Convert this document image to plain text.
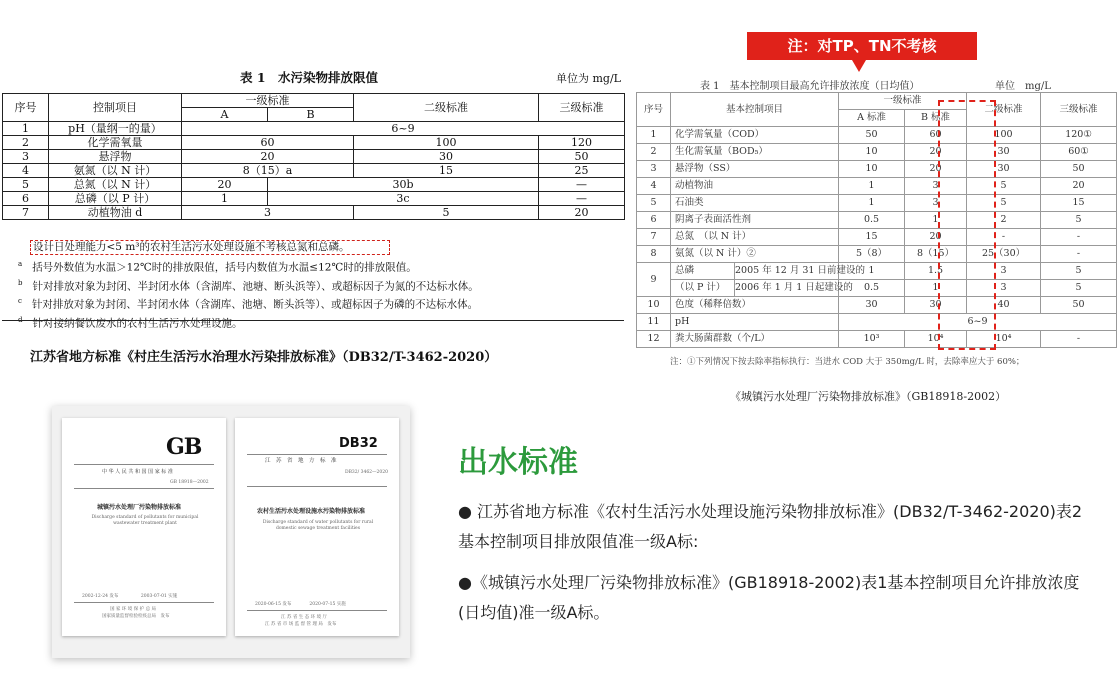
表 1　水污染物排放限值	单位为 mg/L
序号	控制项目	一级标准		二级标准	三级标准
		A	B		
1	pH（量纲一的量）	6~9			
2	化学需氧量	60		100	120
3	悬浮物	20		30	50
4	氨氮（以 N 计）	8（15）a		15	25
5	总氮（以 N 计）	20	30b		—
6	总磷（以 P 计）	1	3c		—
7	动植物油 d	3		5	20
设计日处理能力<5 m³的农村生活污水处理设施不考核总氮和总磷。
$^a$ 括号外数值为水温＞12℃时的排放限值，括号内数值为水温≤12℃时的排放限值。
$^b$ 针对排放对象为封闭、半封闭水体（含湖库、池塘、断头浜等）、或超标因子为氮的不达标水体。
$^c$ 针对排放对象为封闭、半封闭水体（含湖库、池塘、断头浜等）、或超标因子为磷的不达标水体。
$^d$ 针对接纳餐饮废水的农村生活污水处理设施。
江苏省地方标准《村庄生活污水治理水污染排放标准》（DB32/T-3462-2020）
注：对TP、TN不考核
表 1　基本控制项目最高允许排放浓度（日均值）	单位　mg/L
序号	基本控制项目		一级标准		二级标准	三级标准
			A 标准	B 标准		
1	化学需氧量（COD）		50	60	100	120①
2	生化需氧量（BOD₅）		10	20	30	60①
3	悬浮物（SS）		10	20	30	50
4	动植物油		1	3	5	20
5	石油类		1	3	5	15
6	阴离子表面活性剂		0.5	1	2	5
7	总氮　（以 N 计）		15	20	-	-
8	氨氮（以 N 计）②		5（8）	8（15）	25（30）	-
9	总磷	2005 年 12 月 31 日前建设的	1	1.5	3	5
	（以 P 计）	2006 年 1 月 1 日起建设的	0.5	1	3	5
10	色度（稀释倍数）		30	30	40	50
11	pH		6~9			
12	粪大肠菌群数（个/L）		10³	10⁴	10⁴	-
注：①下列情况下按去除率指标执行：当进水 COD 大于 350mg/L 时，去除率应大于 60%；
《城镇污水处理厂污染物排放标准》（GB18918-2002）
GB
中 华 人 民 共 和 国 国 家 标 准
GB 18918—2002
城镇污水处理厂污染物排放标准
Discharge standard of pollutants for municipal wastewater treatment plant
2002-12-24 发布　　　　　2003-07-01 实施
国 家 环 境 保 护 总 局
国家质量监督检验检疫总局　发布
DB32
江　苏　省　地　方　标　准
DB32/ 3462—2020
农村生活污水处理设施水污染物排放标准
Discharge standard of water pollutants for rural domestic sewage treatment facilities
2020-06-15 发布　　　　2020-07-15 实施
江 苏 省 生 态 环 境 厅
江 苏 省 市 场 监 督 管 理 局　发布
出水标准
● 江苏省地方标准《农村生活污水处理设施污染物排放标准》(DB32/T-3462-2020)表2基本控制项目排放限值准一级A标:
●《城镇污水处理厂污染物排放标准》(GB18918-2002)表1基本控制项目允许排放浓度(日均值)准一级A标。
